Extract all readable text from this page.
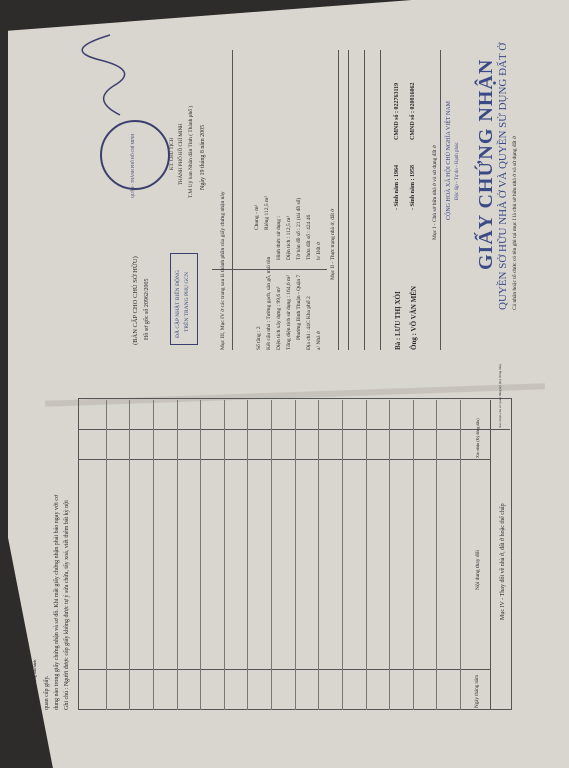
CỘNG HOÀ XÃ HỘI CHỦ NGHĨA VIỆT NAM Độc lập - Tự do - Hạnh phúc GIẤY CHỨNG NHẬN QUYỀN SỞ HỮU NHÀ Ở VÀ QUYỀN SỬ DỤNG ĐẤT Ở Cá nhân hoặc tổ chức có tên ghi tại mục I là chủ sở hữu nhà ở và sử dụng đất ở
Mục I - Chủ sở hữu nhà ở và sử dụng đất ở
Ông : VÕ VĂN MẾN
- Sinh năm : 1958
CMND số : 020816062
Bà : LƯU THỊ XỎI
- Sinh năm : 1964
CMND số : 022763119
Mục II - Thực trạng nhà ở, đất ở
a/ Nhà ở
Địa chỉ : 44C Kha phố 2
Phường Bình Thuận - Quận 7
Tổng diện tích sử dụng : 164,6 m²
Diện tích xây dựng : 99,6 m²
Kết cấu nhà : Tường gạch, sàn gỗ, mái tôn
Số tầng : 2
b/ Đất ở
Thửa đất số : 424 46
Tờ bản đồ số : 21 (tài đồ số)
Diện tích : 112,5 m²
Hình thức sử dụng :
Riêng 112,5 m²
Chung - m²
Mục III, Mục IV ở các trang sau là thành phần của giấy chứng nhận này
Ngày 19 tháng 8 năm 2005
T.M Uỷ ban Nhân dân Tỉnh ( Thành phố )
THÀNH PHỐ HỒ CHÍ MINH
KT. CHỦ TỊCH
QUẬN - THÀNH PHỐ HỒ CHÍ MINH
ĐÃ CẬP NHẬT BIẾN ĐỘNG TRÊN TRANG PHỤ GCN
Hồ sơ gốc số 20962/2005
(BẢN CẤP CHO CHỦ SỞ HỮU)
Mục IV - Thay đổi về nhà ở, đất ở hoặc thế chấp
Ngày tháng năm
Nội dung thay đổi
Xác nhận (Ký đóng dấu)
Xác nhận của cơ quan đăng ký (Ký đóng dấu)
Ghi chú : Người được cấp giấy không được tự ý sửa chữa, tẩy xoá, viết thêm bất kỳ nội
dung nào trong giấy chứng nhận và sơ đồ. Khi mất giấy chứng nhận phải báo ngay với cơ
quan cấp giấy.
Mẫu do Bộ Xây dựng ban hành
